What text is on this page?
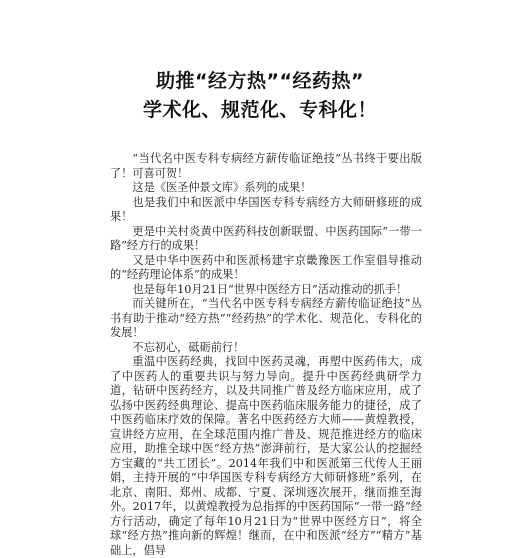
助推“经方热”“经药热”
学术化、规范化、专科化！

“当代名中医专科专病经方薪传临证绝技”丛书终于要出版了！可喜可贺！

这是《医圣仲景文库》系列的成果！

也是我们中和医派中华国医专科专病经方大师研修班的成果！

更是中关村炎黄中医药科技创新联盟、中医药国际“一带一路”经方行的成果！

又是中华中医药中和医派杨建宇京畿豫医工作室倡导推动的“经药理论体系”的成果！

也是每年10月21日“世界中医经方日”活动推动的抓手！

而关键所在，“当代名中医专科专病经方薪传临证绝技”丛书有助于推动“经方热”“经药热”的学术化、规范化、专科化的发展！

不忘初心，砥砺前行！

重温中医药经典，找回中医药灵魂，再塑中医药伟大，成了中医药人的重要共识与努力导向。提升中医药经典研学力道，钻研中医药经方，以及共同推广普及经方临床应用，成了弘扬中医药经典理论、提高中医药临床服务能力的捷径，成了中医药临床疗效的保障。著名中医药经方大师——黄煌教授，宣讲经方应用，在全球范围内推广普及、规范推进经方的临床应用，助推全球中医“经方热”澎湃前行，是大家公认的挖掘经方宝藏的“共工团长”。2014年我们中和医派第三代传人王丽娟，主持开展的“中华国医专科专病经方大师研修班”系列，在北京、南阳、郑州、成都、宁夏、深圳逐次展开，继而推至海外。2017年，以黄煌教授为总指挥的中医药国际“一带一路”经方行活动，确定了每年10月21日为“世界中医经方日”，将全球“经方热”推向新的辉煌！继而，在中和医派“经方”“精方”基础上，倡导
